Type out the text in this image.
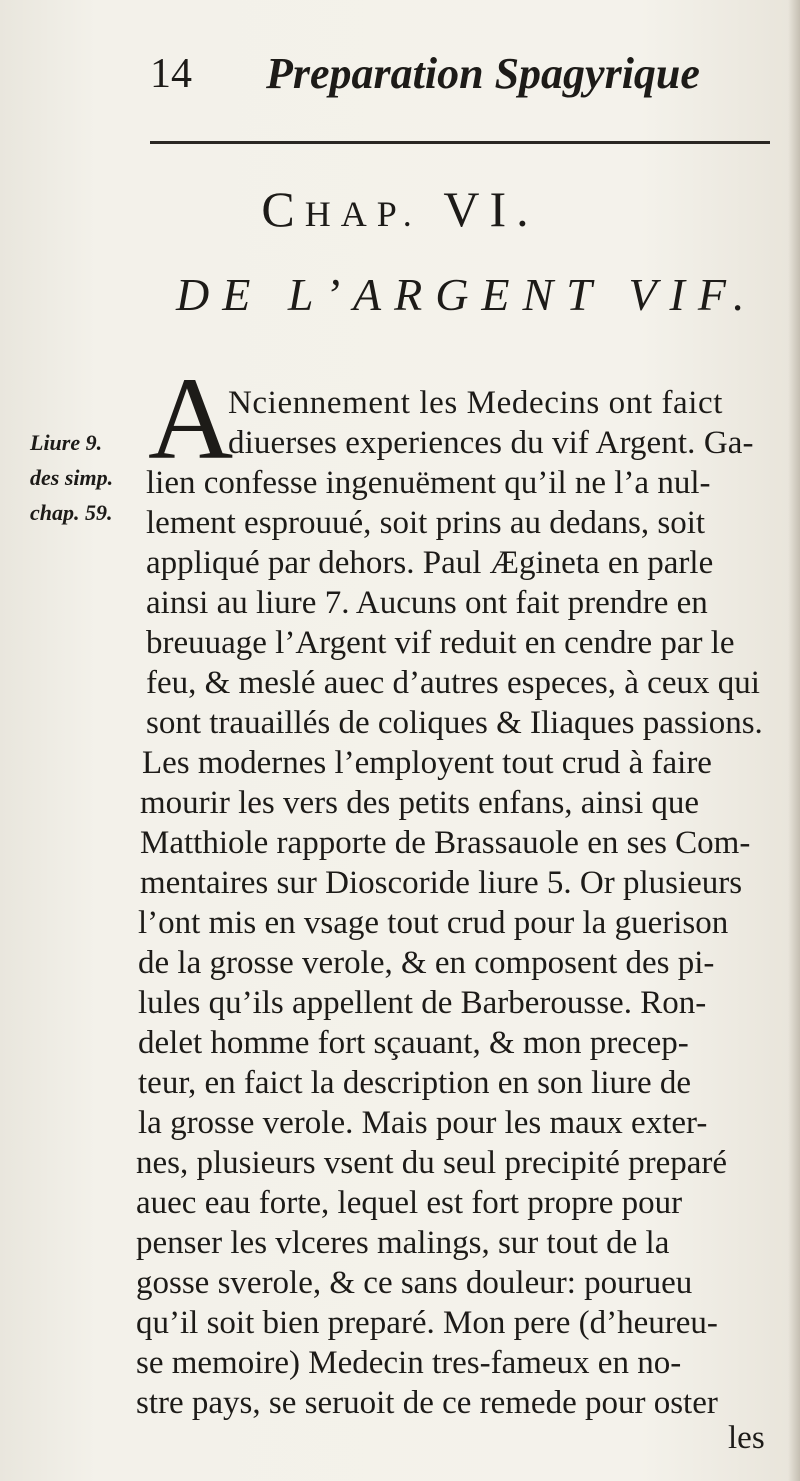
14 Preparation Spagyrique
CHAP. VI.
DE L’ARGENT VIF.
Liure 9.
des simp.
chap. 59.
A
Nciennement les Medecins ont faict
diuerses experiences du vif Argent. Ga-
lien confesse ingenuëment qu’il ne l’a nul-
lement esprouué, soit prins au dedans, soit
appliqué par dehors. Paul Ægineta en parle
ainsi au liure 7. Aucuns ont fait prendre en
breuuage l’Argent vif reduit en cendre par le
feu, & meslé auec d’autres especes, à ceux qui
sont trauaillés de coliques & Iliaques passions.
Les modernes l’employent tout crud à faire
mourir les vers des petits enfans, ainsi que
Matthiole rapporte de Brassauole en ses Com-
mentaires sur Dioscoride liure 5. Or plusieurs
l’ont mis en vsage tout crud pour la guerison
de la grosse verole, & en composent des pi-
lules qu’ils appellent de Barberousse. Ron-
delet homme fort sçauant, & mon precep-
teur, en faict la description en son liure de
la grosse verole. Mais pour les maux exter-
nes, plusieurs vsent du seul precipité preparé
auec eau forte, lequel est fort propre pour
penser les vlceres malings, sur tout de la
gosse sverole, & ce sans douleur: pourueu
qu’il soit bien preparé. Mon pere (d’heureu-
se memoire) Medecin tres-fameux en no-
stre pays, se seruoit de ce remede pour oster
les
